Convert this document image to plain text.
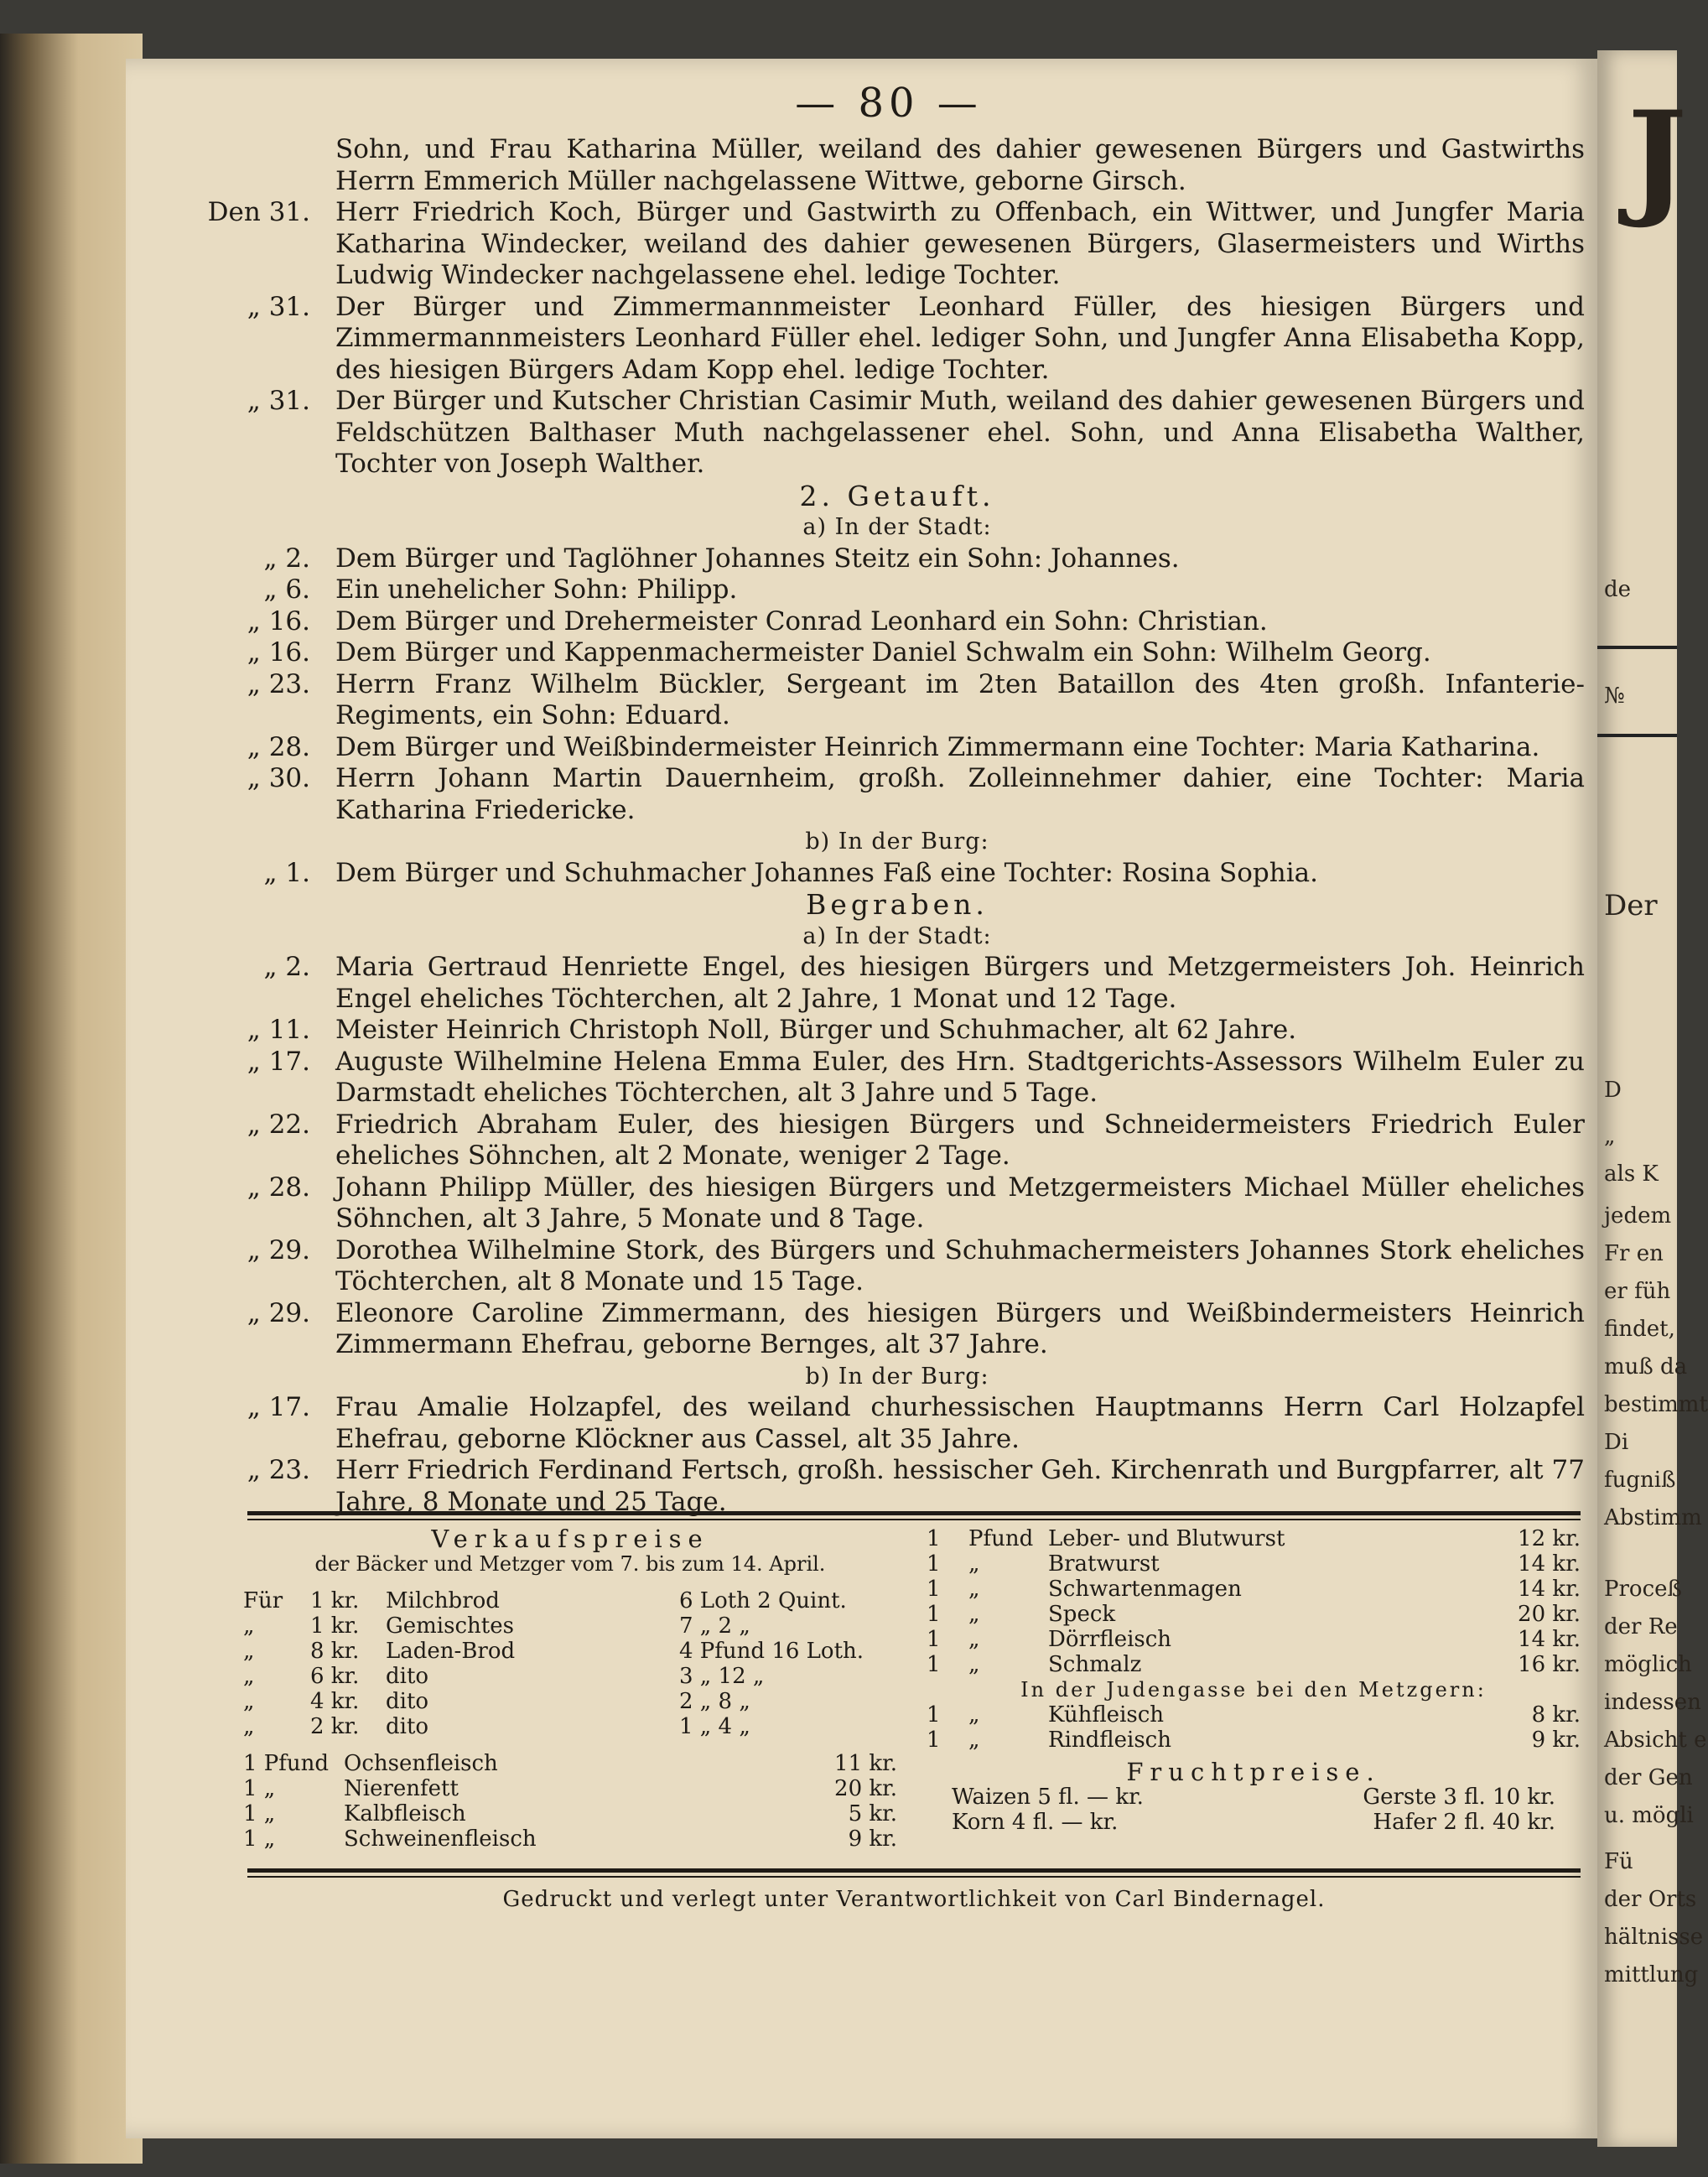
J
de
№
Der
D
„
als K
jedem
Fr en
er füh
findet,
muß da
bestimmt
Di
fugniß
Abstimm
Proceß
der Re
möglich
indessen
Absicht e
der Gen
u. mögli
Fü
der Orts
hältnisse
mittlung
— 80 —
Sohn, und Frau Katharina Müller, weiland des dahier gewesenen Bürgers und Gastwirths Herrn Emmerich Müller nachgelassene Wittwe, geborne Girsch.
Den 31. Herr Friedrich Koch, Bürger und Gastwirth zu Offenbach, ein Wittwer, und Jungfer Maria Katharina Windecker, weiland des dahier gewesenen Bürgers, Glasermeisters und Wirths Ludwig Windecker nachgelassene ehel. ledige Tochter.
„ 31. Der Bürger und Zimmermannmeister Leonhard Füller, des hiesigen Bürgers und Zimmermannmeisters Leonhard Füller ehel. lediger Sohn, und Jungfer Anna Elisabetha Kopp, des hiesigen Bürgers Adam Kopp ehel. ledige Tochter.
„ 31. Der Bürger und Kutscher Christian Casimir Muth, weiland des dahier gewesenen Bürgers und Feldschützen Balthaser Muth nachgelassener ehel. Sohn, und Anna Elisabetha Walther, Tochter von Joseph Walther.
2. Getauft.
a) In der Stadt:
„ 2. Dem Bürger und Taglöhner Johannes Steitz ein Sohn: Johannes.
„ 6. Ein unehelicher Sohn: Philipp.
„ 16. Dem Bürger und Drehermeister Conrad Leonhard ein Sohn: Christian.
„ 16. Dem Bürger und Kappenmachermeister Daniel Schwalm ein Sohn: Wilhelm Georg.
„ 23. Herrn Franz Wilhelm Bückler, Sergeant im 2ten Bataillon des 4ten großh. Infanterie-Regiments, ein Sohn: Eduard.
„ 28. Dem Bürger und Weißbindermeister Heinrich Zimmermann eine Tochter: Maria Katharina.
„ 30. Herrn Johann Martin Dauernheim, großh. Zolleinnehmer dahier, eine Tochter: Maria Katharina Friedericke.
b) In der Burg:
„ 1. Dem Bürger und Schuhmacher Johannes Faß eine Tochter: Rosina Sophia.
Begraben.
a) In der Stadt:
„ 2. Maria Gertraud Henriette Engel, des hiesigen Bürgers und Metzgermeisters Joh. Heinrich Engel eheliches Töchterchen, alt 2 Jahre, 1 Monat und 12 Tage.
„ 11. Meister Heinrich Christoph Noll, Bürger und Schuhmacher, alt 62 Jahre.
„ 17. Auguste Wilhelmine Helena Emma Euler, des Hrn. Stadtgerichts-Assessors Wilhelm Euler zu Darmstadt eheliches Töchterchen, alt 3 Jahre und 5 Tage.
„ 22. Friedrich Abraham Euler, des hiesigen Bürgers und Schneidermeisters Friedrich Euler eheliches Söhnchen, alt 2 Monate, weniger 2 Tage.
„ 28. Johann Philipp Müller, des hiesigen Bürgers und Metzgermeisters Michael Müller eheliches Söhnchen, alt 3 Jahre, 5 Monate und 8 Tage.
„ 29. Dorothea Wilhelmine Stork, des Bürgers und Schuhmachermeisters Johannes Stork eheliches Töchterchen, alt 8 Monate und 15 Tage.
„ 29. Eleonore Caroline Zimmermann, des hiesigen Bürgers und Weißbindermeisters Heinrich Zimmermann Ehefrau, geborne Bernges, alt 37 Jahre.
b) In der Burg:
„ 17. Frau Amalie Holzapfel, des weiland churhessischen Hauptmanns Herrn Carl Holzapfel Ehefrau, geborne Klöckner aus Cassel, alt 35 Jahre.
„ 23. Herr Friedrich Ferdinand Fertsch, großh. hessischer Geh. Kirchenrath und Burgpfarrer, alt 77 Jahre, 8 Monate und 25 Tage.
Verkaufspreise
der Bäcker und Metzger vom 7. bis zum 14. April.
Für	1 kr.	Milchbrod	6 Loth 2 Quint.
„	1 kr.	Gemischtes	7 „ 2 „
„	8 kr.	Laden-Brod	4 Pfund 16 Loth.
„	6 kr.	dito	3 „ 12 „
„	4 kr.	dito	2 „ 8 „
„	2 kr.	dito	1 „ 4 „
1 Pfund Ochsenfleisch	11 kr.
1 „	Nierenfett	20 kr.
1 „	Kalbfleisch	5 kr.
1 „	Schweinenfleisch	9 kr.
1	Pfund Leber- und Blutwurst	12 kr.
1	„	Bratwurst	14 kr.
1	„	Schwartenmagen	14 kr.
1	„	Speck	20 kr.
1	„	Dörrfleisch	14 kr.
1	„	Schmalz	16 kr.
In der Judengasse bei den Metzgern:
1	„	Kühfleisch	8 kr.
1	„	Rindfleisch	9 kr.
Fruchtpreise.
Waizen 5 fl. — kr.	Gerste 3 fl. 10 kr.
Korn 4 fl. — kr.	Hafer 2 fl. 40 kr.
Gedruckt und verlegt unter Verantwortlichkeit von Carl Bindernagel.
